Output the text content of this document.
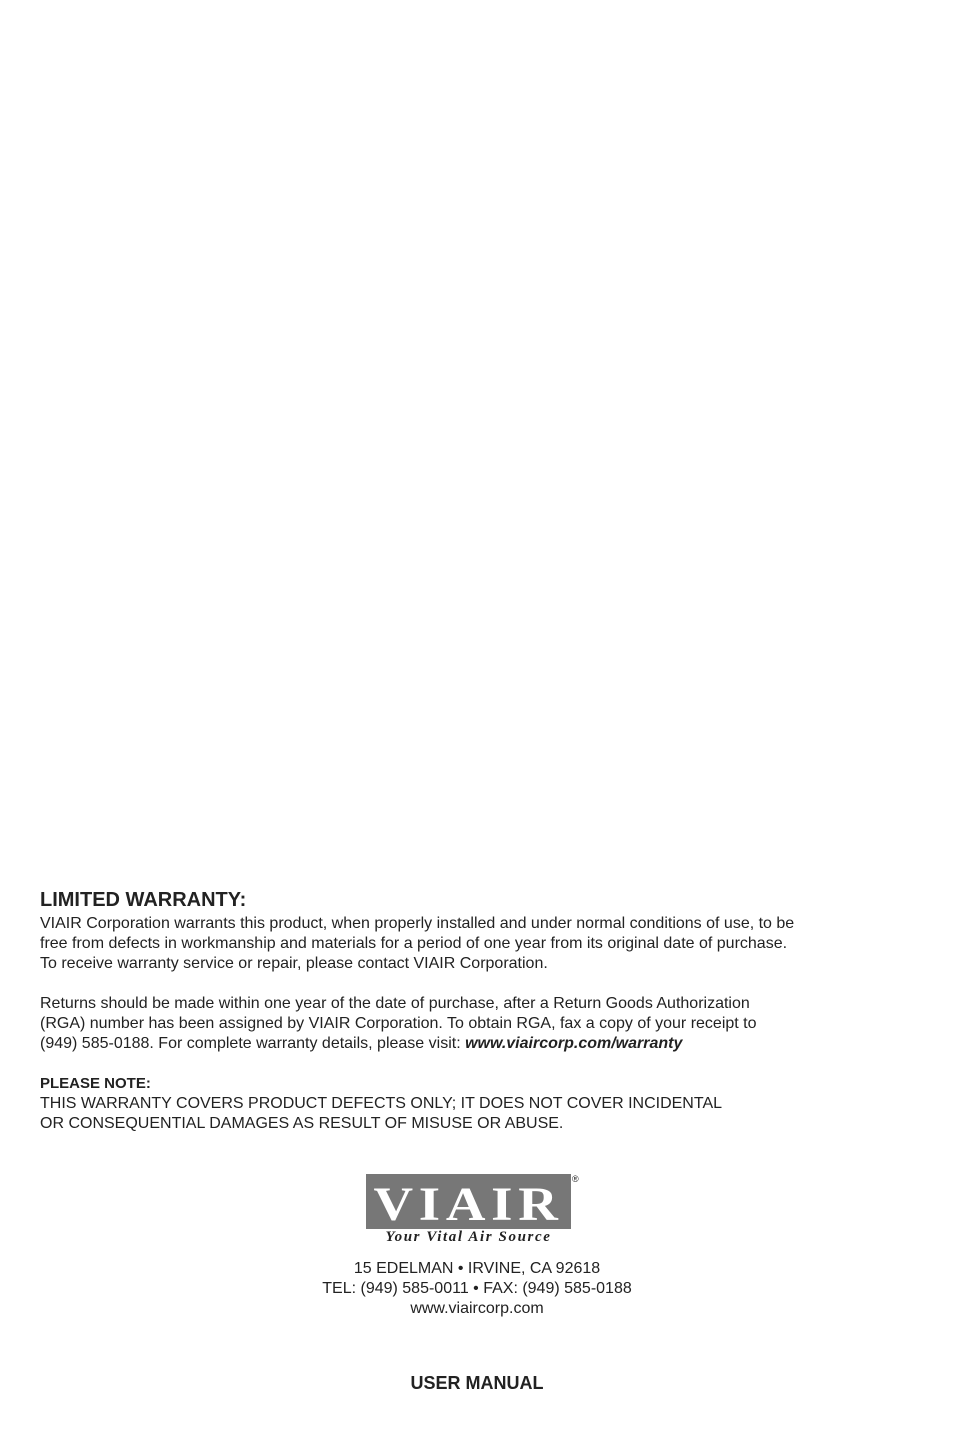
LIMITED WARRANTY:

VIAIR Corporation warrants this product, when properly installed and under normal conditions of use, to be

free from defects in workmanship and materials for a period of one year from its original date of purchase.

To receive warranty service or repair, please contact VIAIR Corporation.

Returns should be made within one year of the date of purchase, after a Return Goods Authorization

(RGA) number has been assigned by VIAIR Corporation. To obtain RGA, fax a copy of your receipt to

(949) 585-0188. For complete warranty details, please visit: www.viaircorp.com/warranty

PLEASE NOTE:

THIS WARRANTY COVERS PRODUCT DEFECTS ONLY; IT DOES NOT COVER INCIDENTAL

OR CONSEQUENTIAL DAMAGES AS RESULT OF MISUSE OR ABUSE.

VIAIR ®
Your Vital Air Source
15 EDELMAN • IRVINE, CA 92618
TEL: (949) 585-0011 • FAX: (949) 585-0188
www.viaircorp.com
USER MANUAL
